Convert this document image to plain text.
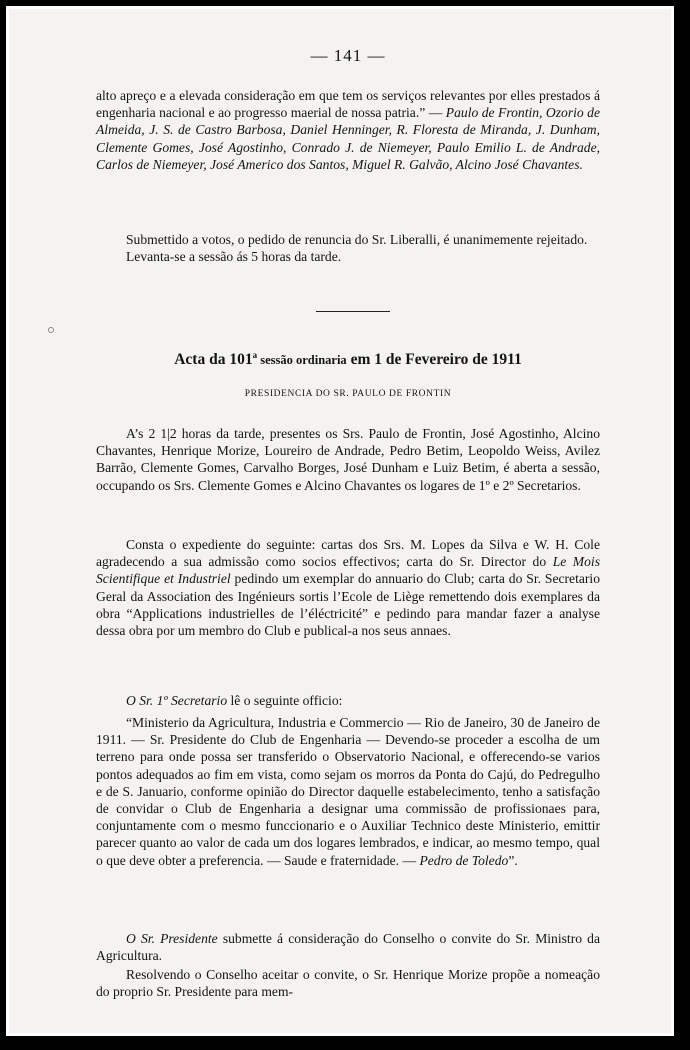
— 141 —

alto apreço e a elevada consideração em que tem os serviços relevantes por elles prestados á engenharia nacional e ao progresso maerial de nossa patria.” — Paulo de Frontin, Ozorio de Almeida, J. S. de Castro Barbosa, Daniel Henninger, R. Floresta de Miranda, J. Dunham, Clemente Gomes, José Agostinho, Conrado J. de Niemeyer, Paulo Emilio L. de Andrade, Carlos de Niemeyer, José Americo dos Santos, Miguel R. Galvão, Alcino José Chavantes.

Submettido a votos, o pedido de renuncia do Sr. Liberalli, é unanimemente rejeitado.

Levanta-se a sessão ás 5 horas da tarde.

Acta da 101$^a$ sessão ordinaria em 1 de Fevereiro de 1911
PRESIDENCIA DO SR. PAULO DE FRONTIN

A’s 2 1|2 horas da tarde, presentes os Srs. Paulo de Frontin, José Agostinho, Alcino Chavantes, Henrique Morize, Loureiro de Andrade, Pedro Betim, Leopoldo Weiss, Avilez Barrão, Clemente Gomes, Carvalho Borges, José Dunham e Luiz Betim, é aberta a sessão, occupando os Srs. Clemente Gomes e Alcino Chavantes os logares de 1º e 2º Secretarios.

Consta o expediente do seguinte: cartas dos Srs. M. Lopes da Silva e W. H. Cole agradecendo a sua admissão como socios effectivos; carta do Sr. Director do Le Mois Scientifique et Industriel pedindo um exemplar do annuario do Club; carta do Sr. Secretario Geral da Association des Ingénieurs sortis l’Ecole de Liège remettendo dois exemplares da obra “Applications industrielles de l’éléctricité” e pedindo para mandar fazer a analyse dessa obra por um membro do Club e publical-a nos seus annaes.

O Sr. 1º Secretario lê o seguinte officio:

“Ministerio da Agricultura, Industria e Commercio — Rio de Janeiro, 30 de Janeiro de 1911. — Sr. Presidente do Club de Engenharia — Devendo-se proceder a escolha de um terreno para onde possa ser transferido o Observatorio Nacional, e offerecendo-se varios pontos adequados ao fim em vista, como sejam os morros da Ponta do Cajú, do Pedregulho e de S. Januario, conforme opinião do Director daquelle estabelecimento, tenho a satisfação de convidar o Club de Engenharia a designar uma commissão de profissionaes para, conjuntamente com o mesmo funccionario e o Auxiliar Technico deste Ministerio, emittir parecer quanto ao valor de cada um dos logares lembrados, e indicar, ao mesmo tempo, qual o que deve obter a preferencia. — Saude e fraternidade. — Pedro de Toledo”.

O Sr. Presidente submette á consideração do Conselho o convite do Sr. Ministro da Agricultura.

Resolvendo o Conselho aceitar o convite, o Sr. Henrique Morize propõe a nomeação do proprio Sr. Presidente para mem-
